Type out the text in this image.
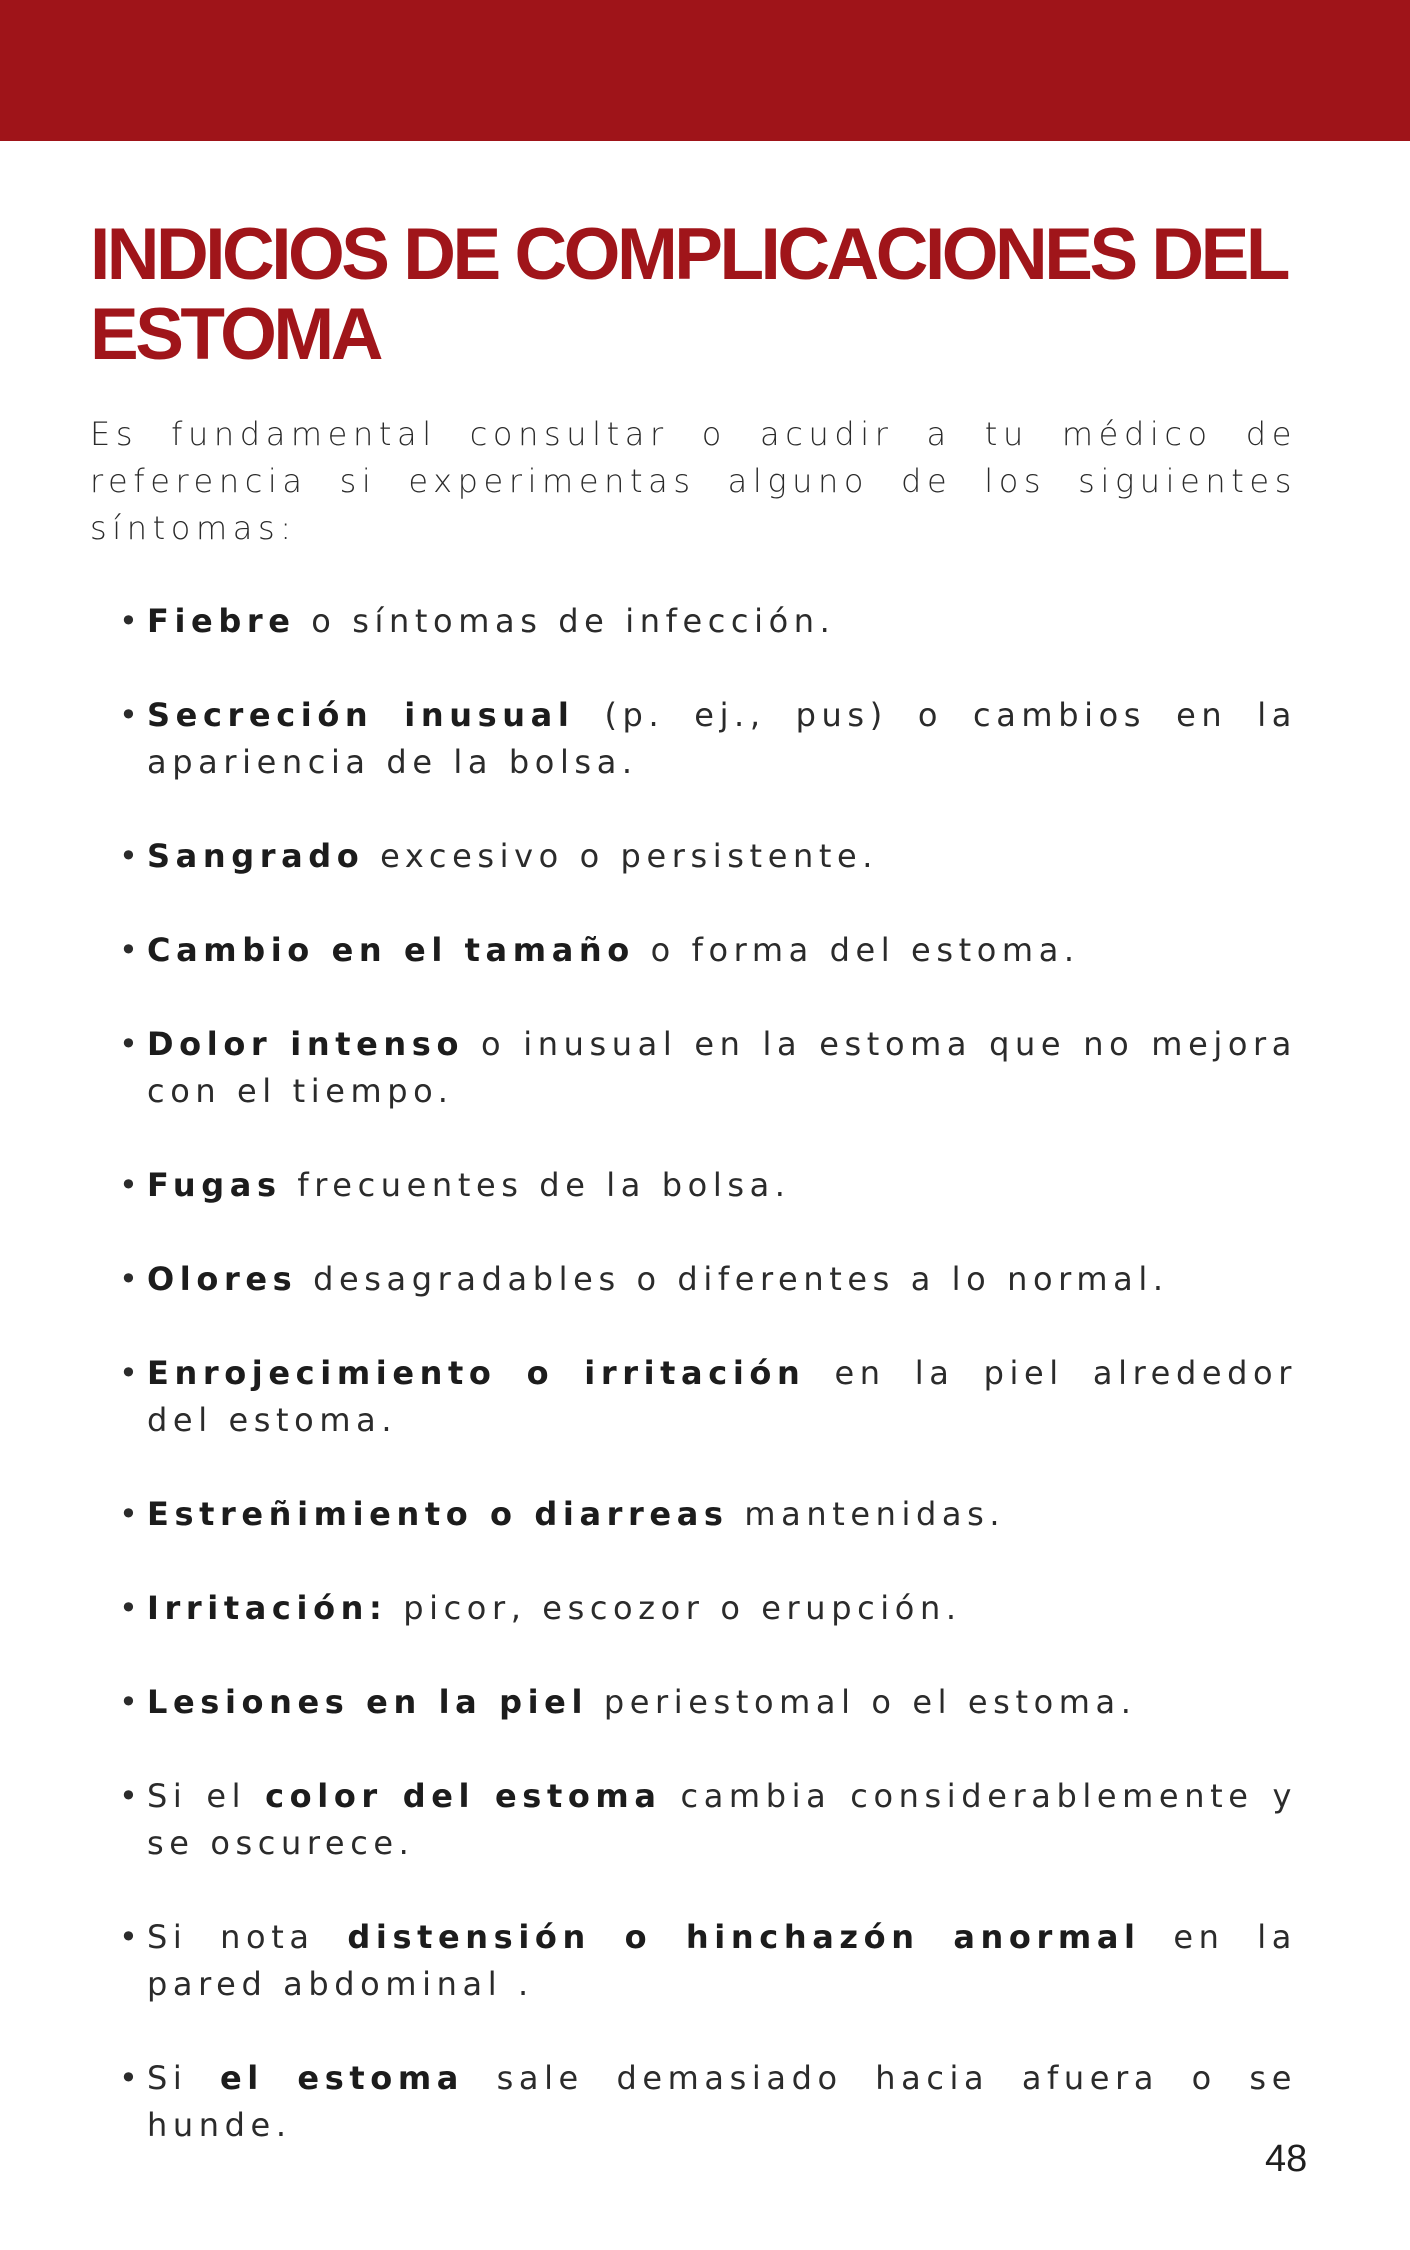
INDICIOS DE COMPLICACIONES DEL ESTOMA

Es fundamental consultar o acudir a tu médico de referencia si experimentas alguno de los siguientes síntomas:

• Fiebre o síntomas de infección.
• Secreción inusual (p. ej., pus) o cambios en la apariencia de la bolsa.
• Sangrado excesivo o persistente.
• Cambio en el tamaño o forma del estoma.
• Dolor intenso o inusual en la estoma que no mejora con el tiempo.
• Fugas frecuentes de la bolsa.
• Olores desagradables o diferentes a lo normal.
• Enrojecimiento o irritación en la piel alrededor del estoma.
• Estreñimiento o diarreas mantenidas.
• Irritación: picor, escozor o erupción.
• Lesiones en la piel periestomal o el estoma.
• Si el color del estoma cambia considerablemente y se oscurece.
• Si nota distensión o hinchazón anormal en la pared abdominal .
• Si el estoma sale demasiado hacia afuera o se hunde.
48
